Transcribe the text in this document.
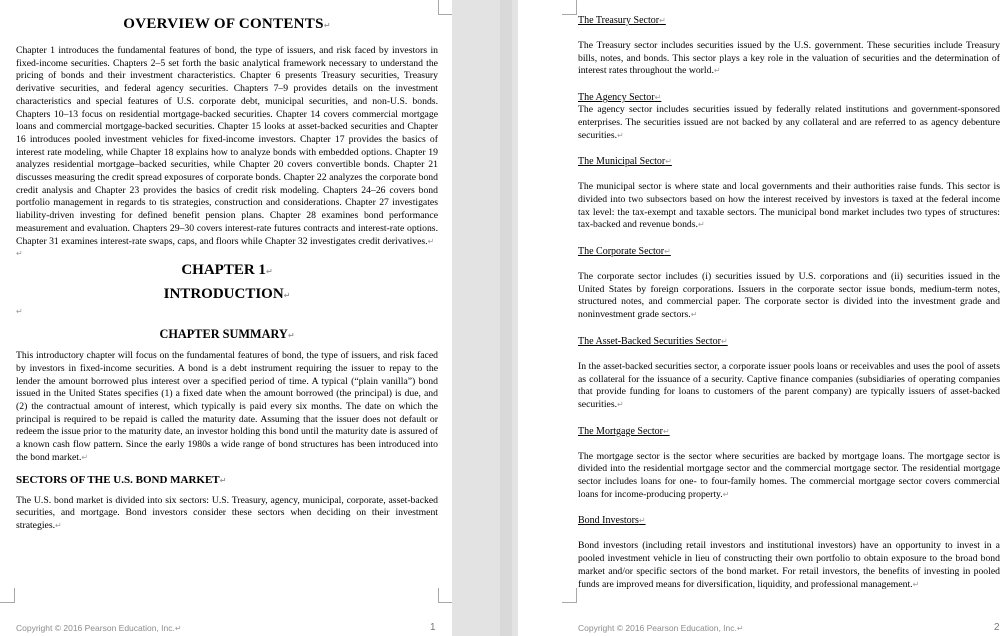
OVERVIEW OF CONTENTS↵

Chapter 1 introduces the fundamental features of bond, the type of issuers, and risk faced by investors in fixed-income securities. Chapters 2–5 set forth the basic analytical framework necessary to understand the pricing of bonds and their investment characteristics. Chapter 6 presents Treasury securities, Treasury derivative securities, and federal agency securities. Chapters 7–9 provides details on the investment characteristics and special features of U.S. corporate debt, municipal securities, and non-U.S. bonds. Chapters 10–13 focus on residential mortgage-backed securities. Chapter 14 covers commercial mortgage loans and commercial mortgage-backed securities. Chapter 15 looks at asset-backed securities and Chapter 16 introduces pooled investment vehicles for fixed-income investors. Chapter 17 provides the basics of interest rate modeling, while Chapter 18 explains how to analyze bonds with embedded options. Chapter 19 analyzes residential mortgage–backed securities, while Chapter 20 covers convertible bonds. Chapter 21 discusses measuring the credit spread exposures of corporate bonds. Chapter 22 analyzes the corporate bond credit analysis and Chapter 23 provides the basics of credit risk modeling. Chapters 24–26 covers bond portfolio management in regards to tis strategies, construction and considerations. Chapter 27 investigates liability-driven investing for defined benefit pension plans. Chapter 28 examines bond performance measurement and evaluation. Chapters 29–30 covers interest-rate futures contracts and interest-rate options. Chapter 31 examines interest-rate swaps, caps, and floors while Chapter 32 investigates credit derivatives.↵

↵
CHAPTER 1↵
INTRODUCTION↵
↵
CHAPTER SUMMARY↵

This introductory chapter will focus on the fundamental features of bond, the type of issuers, and risk faced by investors in fixed-income securities. A bond is a debt instrument requiring the issuer to repay to the lender the amount borrowed plus interest over a specified period of time. A typical (“plain vanilla”) bond issued in the United States specifies (1) a fixed date when the amount borrowed (the principal) is due, and (2) the contractual amount of interest, which typically is paid every six months. The date on which the principal is required to be repaid is called the maturity date. Assuming that the issuer does not default or redeem the issue prior to the maturity date, an investor holding this bond until the maturity date is assured of a known cash flow pattern. Since the early 1980s a wide range of bond structures has been introduced into the bond market.↵

SECTORS OF THE U.S. BOND MARKET↵

The U.S. bond market is divided into six sectors: U.S. Treasury, agency, municipal, corporate, asset-backed securities, and mortgage. Bond investors consider these sectors when deciding on their investment strategies.↵

Copyright © 2016 Pearson Education, Inc.↵	1
The Treasury Sector↵

The Treasury sector includes securities issued by the U.S. government. These securities include Treasury bills, notes, and bonds. This sector plays a key role in the valuation of securities and the determination of interest rates throughout the world.↵

The Agency Sector↵

The agency sector includes securities issued by federally related institutions and government-sponsored enterprises. The securities issued are not backed by any collateral and are referred to as agency debenture securities.↵

The Municipal Sector↵

The municipal sector is where state and local governments and their authorities raise funds. This sector is divided into two subsectors based on how the interest received by investors is taxed at the federal income tax level: the tax-exempt and taxable sectors. The municipal bond market includes two types of structures: tax-backed and revenue bonds.↵

The Corporate Sector↵

The corporate sector includes (i) securities issued by U.S. corporations and (ii) securities issued in the United States by foreign corporations. Issuers in the corporate sector issue bonds, medium-term notes, structured notes, and commercial paper. The corporate sector is divided into the investment grade and noninvestment grade sectors.↵

The Asset-Backed Securities Sector↵

In the asset-backed securities sector, a corporate issuer pools loans or receivables and uses the pool of assets as collateral for the issuance of a security. Captive finance companies (subsidiaries of operating companies that provide funding for loans to customers of the parent company) are typically issuers of asset-backed securities.↵

The Mortgage Sector↵

The mortgage sector is the sector where securities are backed by mortgage loans. The mortgage sector is divided into the residential mortgage sector and the commercial mortgage sector. The residential mortgage sector includes loans for one- to four-family homes. The commercial mortgage sector covers commercial loans for income-producing property.↵

Bond Investors↵

Bond investors (including retail investors and institutional investors) have an opportunity to invest in a pooled investment vehicle in lieu of constructing their own portfolio to obtain exposure to the broad bond market and/or specific sectors of the bond market. For retail investors, the benefits of investing in pooled funds are improved means for diversification, liquidity, and professional management.↵

Copyright © 2016 Pearson Education, Inc.↵	2
